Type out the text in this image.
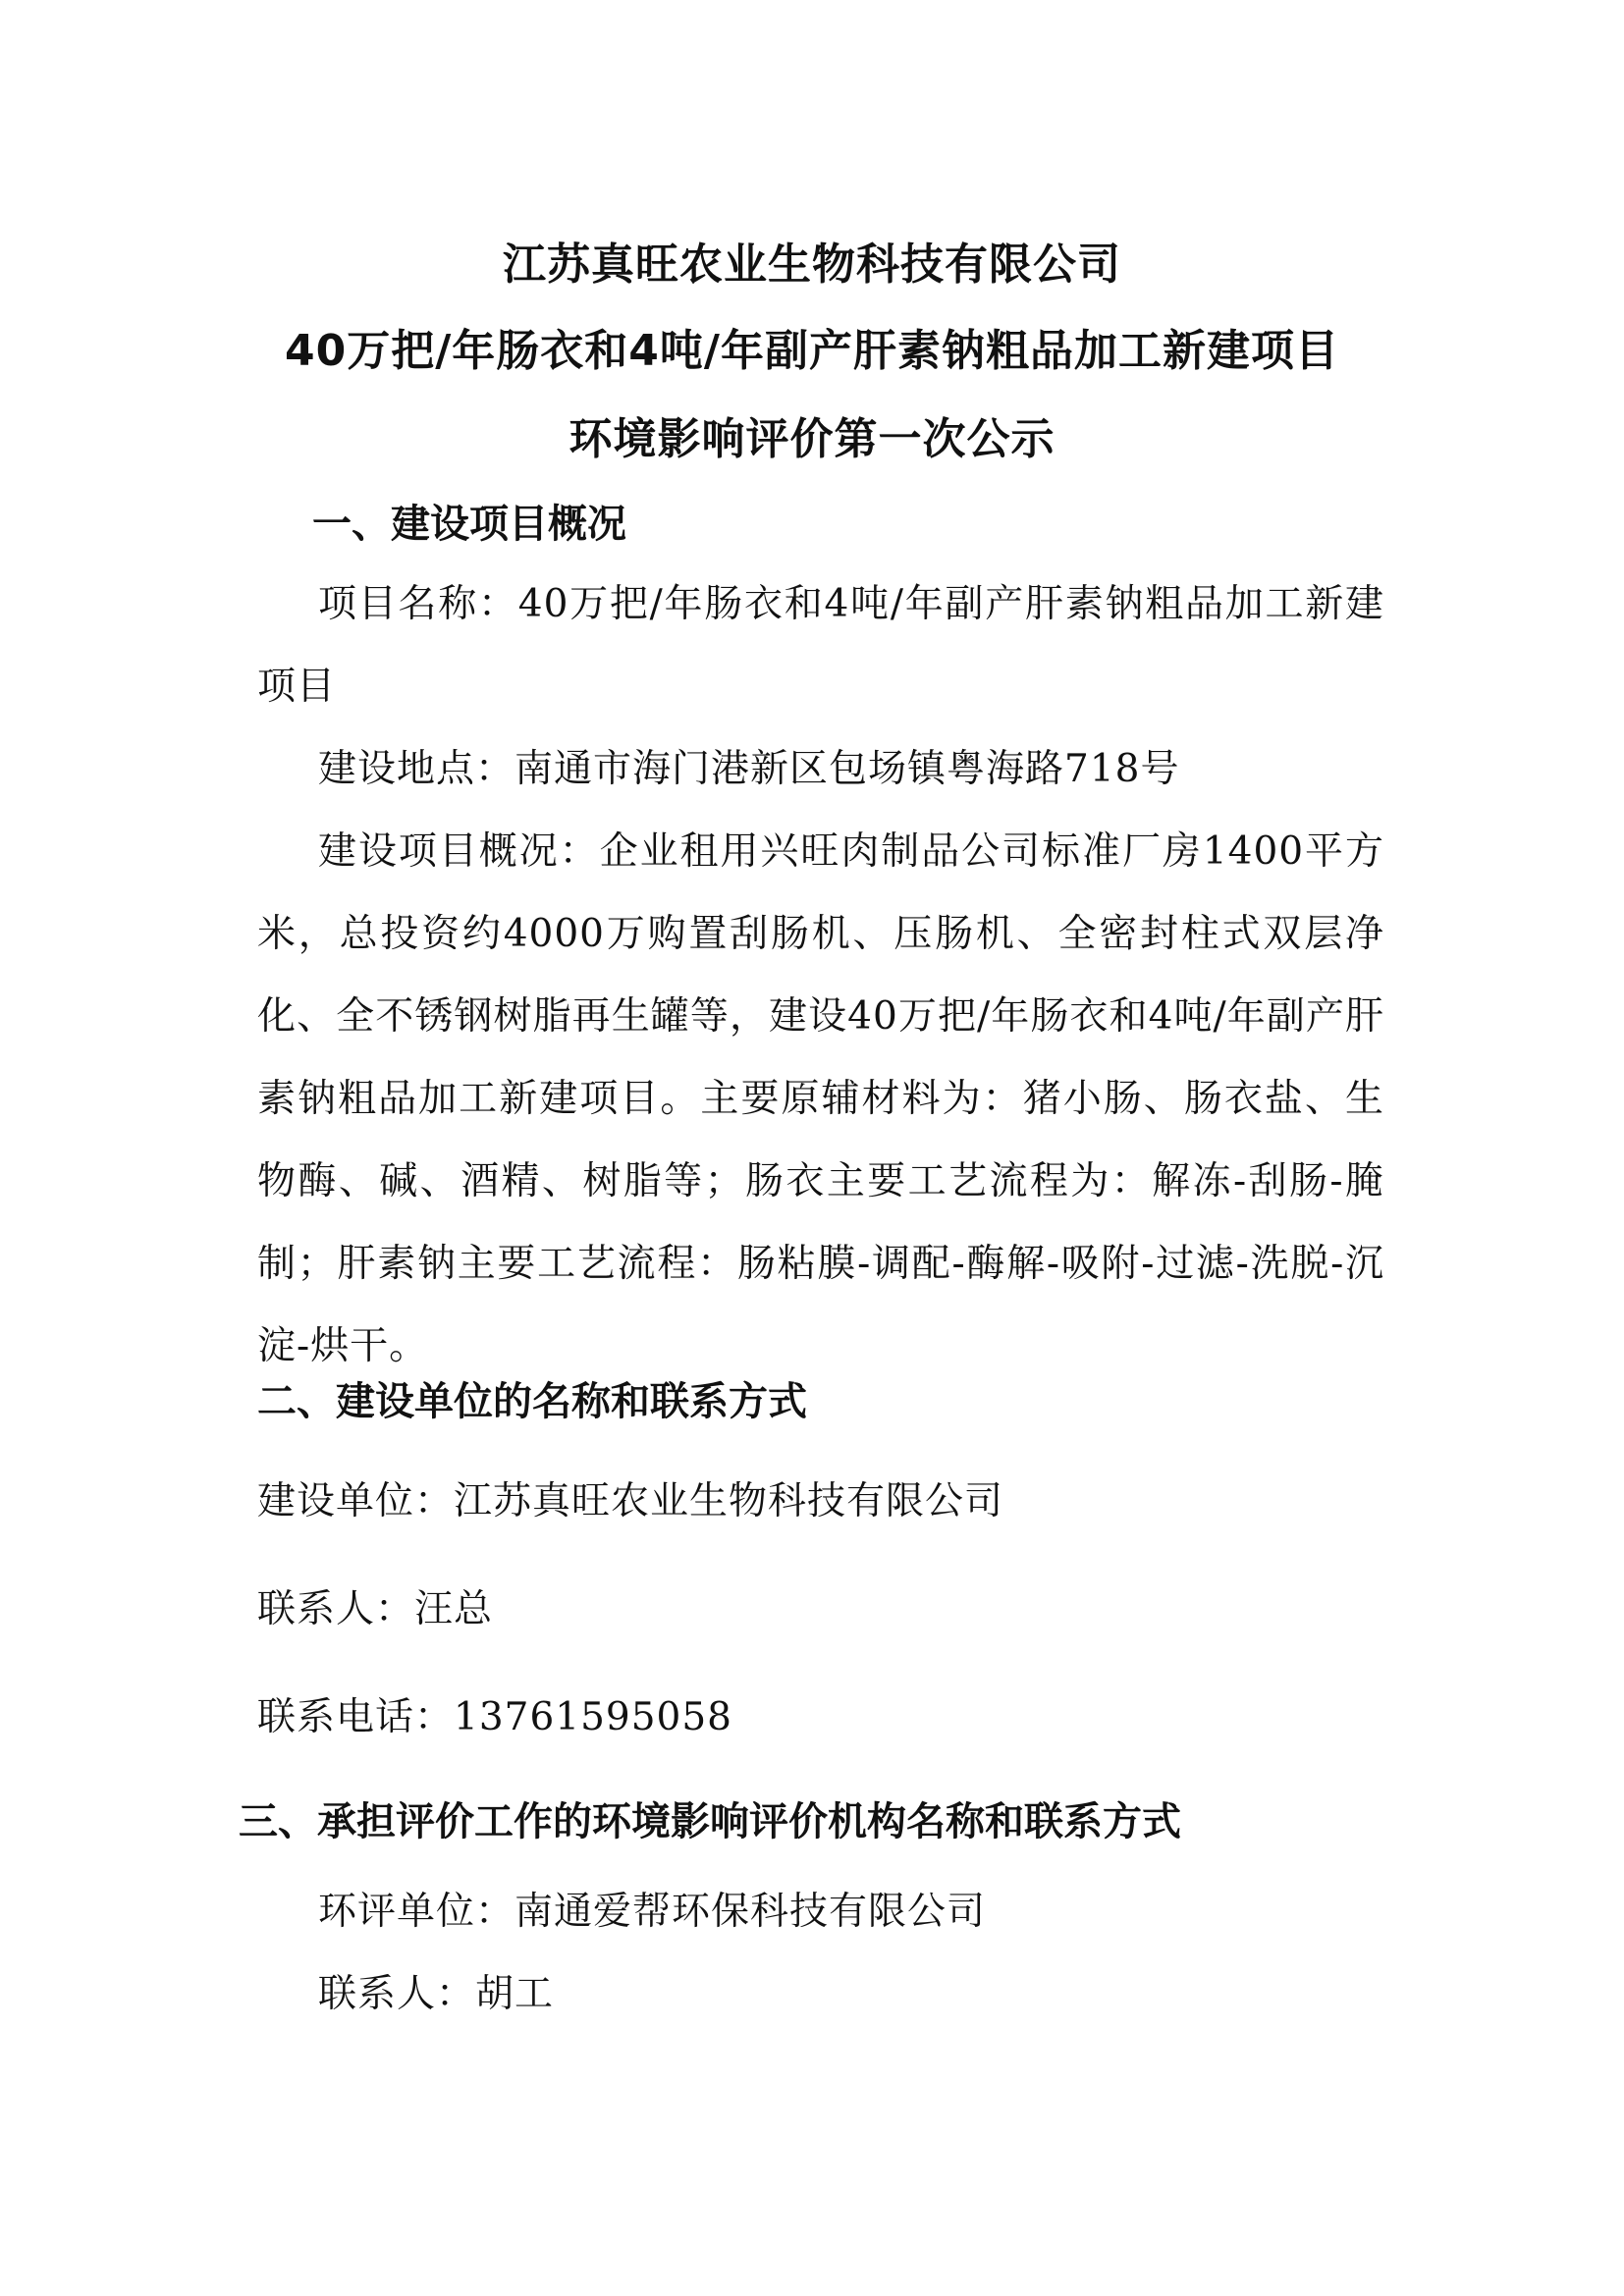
江苏真旺农业生物科技有限公司
40万把/年肠衣和4吨/年副产肝素钠粗品加工新建项目
环境影响评价第一次公示
一、建设项目概况
项目名称：40万把/年肠衣和4吨/年副产肝素钠粗品加工新建项目
建设地点：南通市海门港新区包场镇粤海路718号
建设项目概况：企业租用兴旺肉制品公司标准厂房1400平方米，总投资约4000万购置刮肠机、压肠机、全密封柱式双层净化、全不锈钢树脂再生罐等，建设40万把/年肠衣和4吨/年副产肝素钠粗品加工新建项目。主要原辅材料为：猪小肠、肠衣盐、生物酶、碱、酒精、树脂等；肠衣主要工艺流程为：解冻-刮肠-腌制；肝素钠主要工艺流程：肠粘膜-调配-酶解-吸附-过滤-洗脱-沉淀-烘干。
二、建设单位的名称和联系方式
建设单位：江苏真旺农业生物科技有限公司
联系人：汪总
联系电话：13761595058
三、承担评价工作的环境影响评价机构名称和联系方式
环评单位：南通爱帮环保科技有限公司
联系人：胡工
